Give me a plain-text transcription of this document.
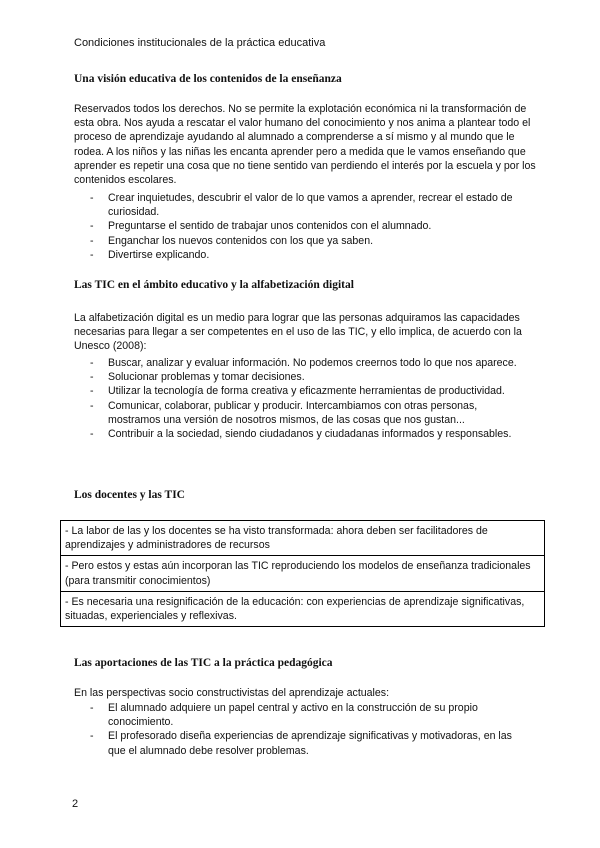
Condiciones institucionales de la práctica educativa
Una visión educativa de los contenidos de la enseñanza
Reservados todos los derechos. No se permite la explotación económica ni la transformación de esta obra. Nos ayuda a rescatar el valor humano del conocimiento y nos anima a plantear todo el proceso de aprendizaje ayudando al alumnado a comprenderse a sí mismo y al mundo que le rodea. A los niños y las niñas les encanta aprender pero a medida que le vamos enseñando que aprender es repetir una cosa que no tiene sentido van perdiendo el interés por la escuela y por los contenidos escolares.
- Crear inquietudes, descubrir el valor de lo que vamos a aprender, recrear el estado de curiosidad.
- Preguntarse el sentido de trabajar unos contenidos con el alumnado.
- Enganchar los nuevos contenidos con los que ya saben.
- Divertirse explicando.
Las TIC en el ámbito educativo y la alfabetización digital
La alfabetización digital es un medio para lograr que las personas adquiramos las capacidades necesarias para llegar a ser competentes en el uso de las TIC, y ello implica, de acuerdo con la Unesco (2008):
- Buscar, analizar y evaluar información. No podemos creernos todo lo que nos aparece.
- Solucionar problemas y tomar decisiones.
- Utilizar la tecnología de forma creativa y eficazmente herramientas de productividad.
- Comunicar, colaborar, publicar y producir. Intercambiamos con otras personas, mostramos una versión de nosotros mismos, de las cosas que nos gustan...
- Contribuir a la sociedad, siendo ciudadanos y ciudadanas informados y responsables.
Los docentes y las TIC
- La labor de las y los docentes se ha visto transformada: ahora deben ser facilitadores de aprendizajes y administradores de recursos
- Pero estos y estas aún incorporan las TIC reproduciendo los modelos de enseñanza tradicionales (para transmitir conocimientos)
- Es necesaria una resignificación de la educación: con experiencias de aprendizaje significativas, situadas, experienciales y reflexivas.
Las aportaciones de las TIC a la práctica pedagógica
En las perspectivas socio constructivistas del aprendizaje actuales:
- El alumnado adquiere un papel central y activo en la construcción de su propio conocimiento.
- El profesorado diseña experiencias de aprendizaje significativas y motivadoras, en las que el alumnado debe resolver problemas.
2
